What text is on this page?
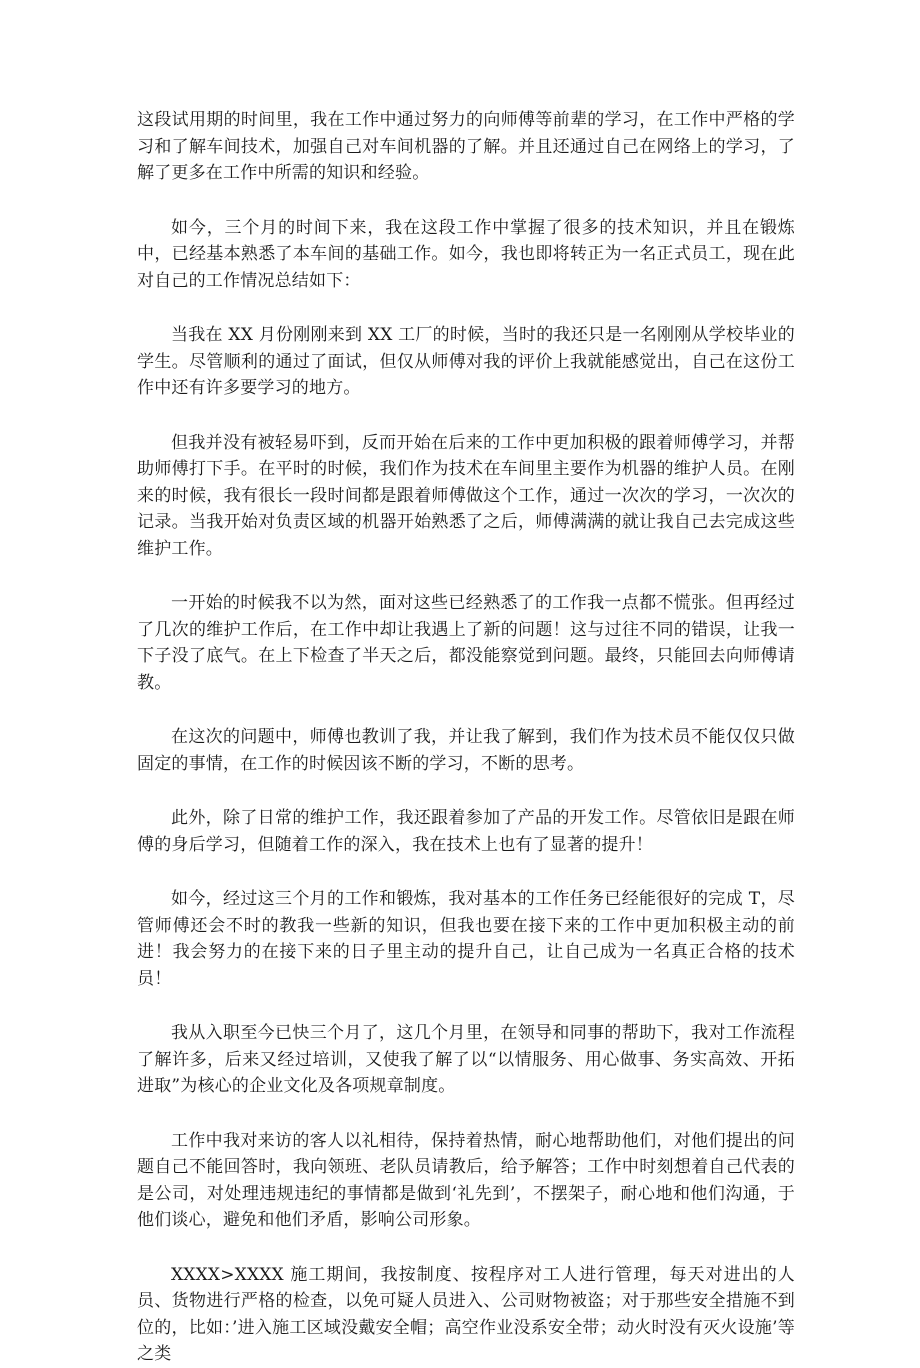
这段试用期的时间里，我在工作中通过努力的向师傅等前辈的学习，在工作中严格的学习和了解车间技术，加强自己对车间机器的了解。并且还通过自己在网络上的学习，了解了更多在工作中所需的知识和经验。

如今，三个月的时间下来，我在这段工作中掌握了很多的技术知识，并且在锻炼中，已经基本熟悉了本车间的基础工作。如今，我也即将转正为一名正式员工，现在此对自己的工作情况总结如下：

当我在 XX 月份刚刚来到 XX 工厂的时候，当时的我还只是一名刚刚从学校毕业的学生。尽管顺利的通过了面试，但仅从师傅对我的评价上我就能感觉出，自己在这份工作中还有许多要学习的地方。

但我并没有被轻易吓到，反而开始在后来的工作中更加积极的跟着师傅学习，并帮助师傅打下手。在平时的时候，我们作为技术在车间里主要作为机器的维护人员。在刚来的时候，我有很长一段时间都是跟着师傅做这个工作，通过一次次的学习，一次次的记录。当我开始对负责区域的机器开始熟悉了之后，师傅满满的就让我自己去完成这些维护工作。

一开始的时候我不以为然，面对这些已经熟悉了的工作我一点都不慌张。但再经过了几次的维护工作后，在工作中却让我遇上了新的问题！这与过往不同的错误，让我一下子没了底气。在上下检查了半天之后，都没能察觉到问题。最终，只能回去向师傅请教。

在这次的问题中，师傅也教训了我，并让我了解到，我们作为技术员不能仅仅只做固定的事情，在工作的时候因该不断的学习，不断的思考。

此外，除了日常的维护工作，我还跟着参加了产品的开发工作。尽管依旧是跟在师傅的身后学习，但随着工作的深入，我在技术上也有了显著的提升！

如今，经过这三个月的工作和锻炼，我对基本的工作任务已经能很好的完成 T，尽管师傅还会不时的教我一些新的知识，但我也要在接下来的工作中更加积极主动的前进！我会努力的在接下来的日子里主动的提升自己，让自己成为一名真正合格的技术员！

我从入职至今已快三个月了，这几个月里，在领导和同事的帮助下，我对工作流程了解许多，后来又经过培训，又使我了解了以“以情服务、用心做事、务实高效、开拓进取”为核心的企业文化及各项规章制度。

工作中我对来访的客人以礼相待，保持着热情，耐心地帮助他们，对他们提出的问题自己不能回答时，我向领班、老队员请教后，给予解答；工作中时刻想着自己代表的是公司，对处理违规违纪的事情都是做到‘礼先到’，不摆架子，耐心地和他们沟通，于他们谈心，避免和他们矛盾，影响公司形象。

XXXX>XXXX 施工期间，我按制度、按程序对工人进行管理，每天对进出的人员、货物进行严格的检查，以免可疑人员进入、公司财物被盗；对于那些安全措施不到位的，比如：’进入施工区域没戴安全帽；高空作业没系安全带；动火时没有灭火设施’等之类
